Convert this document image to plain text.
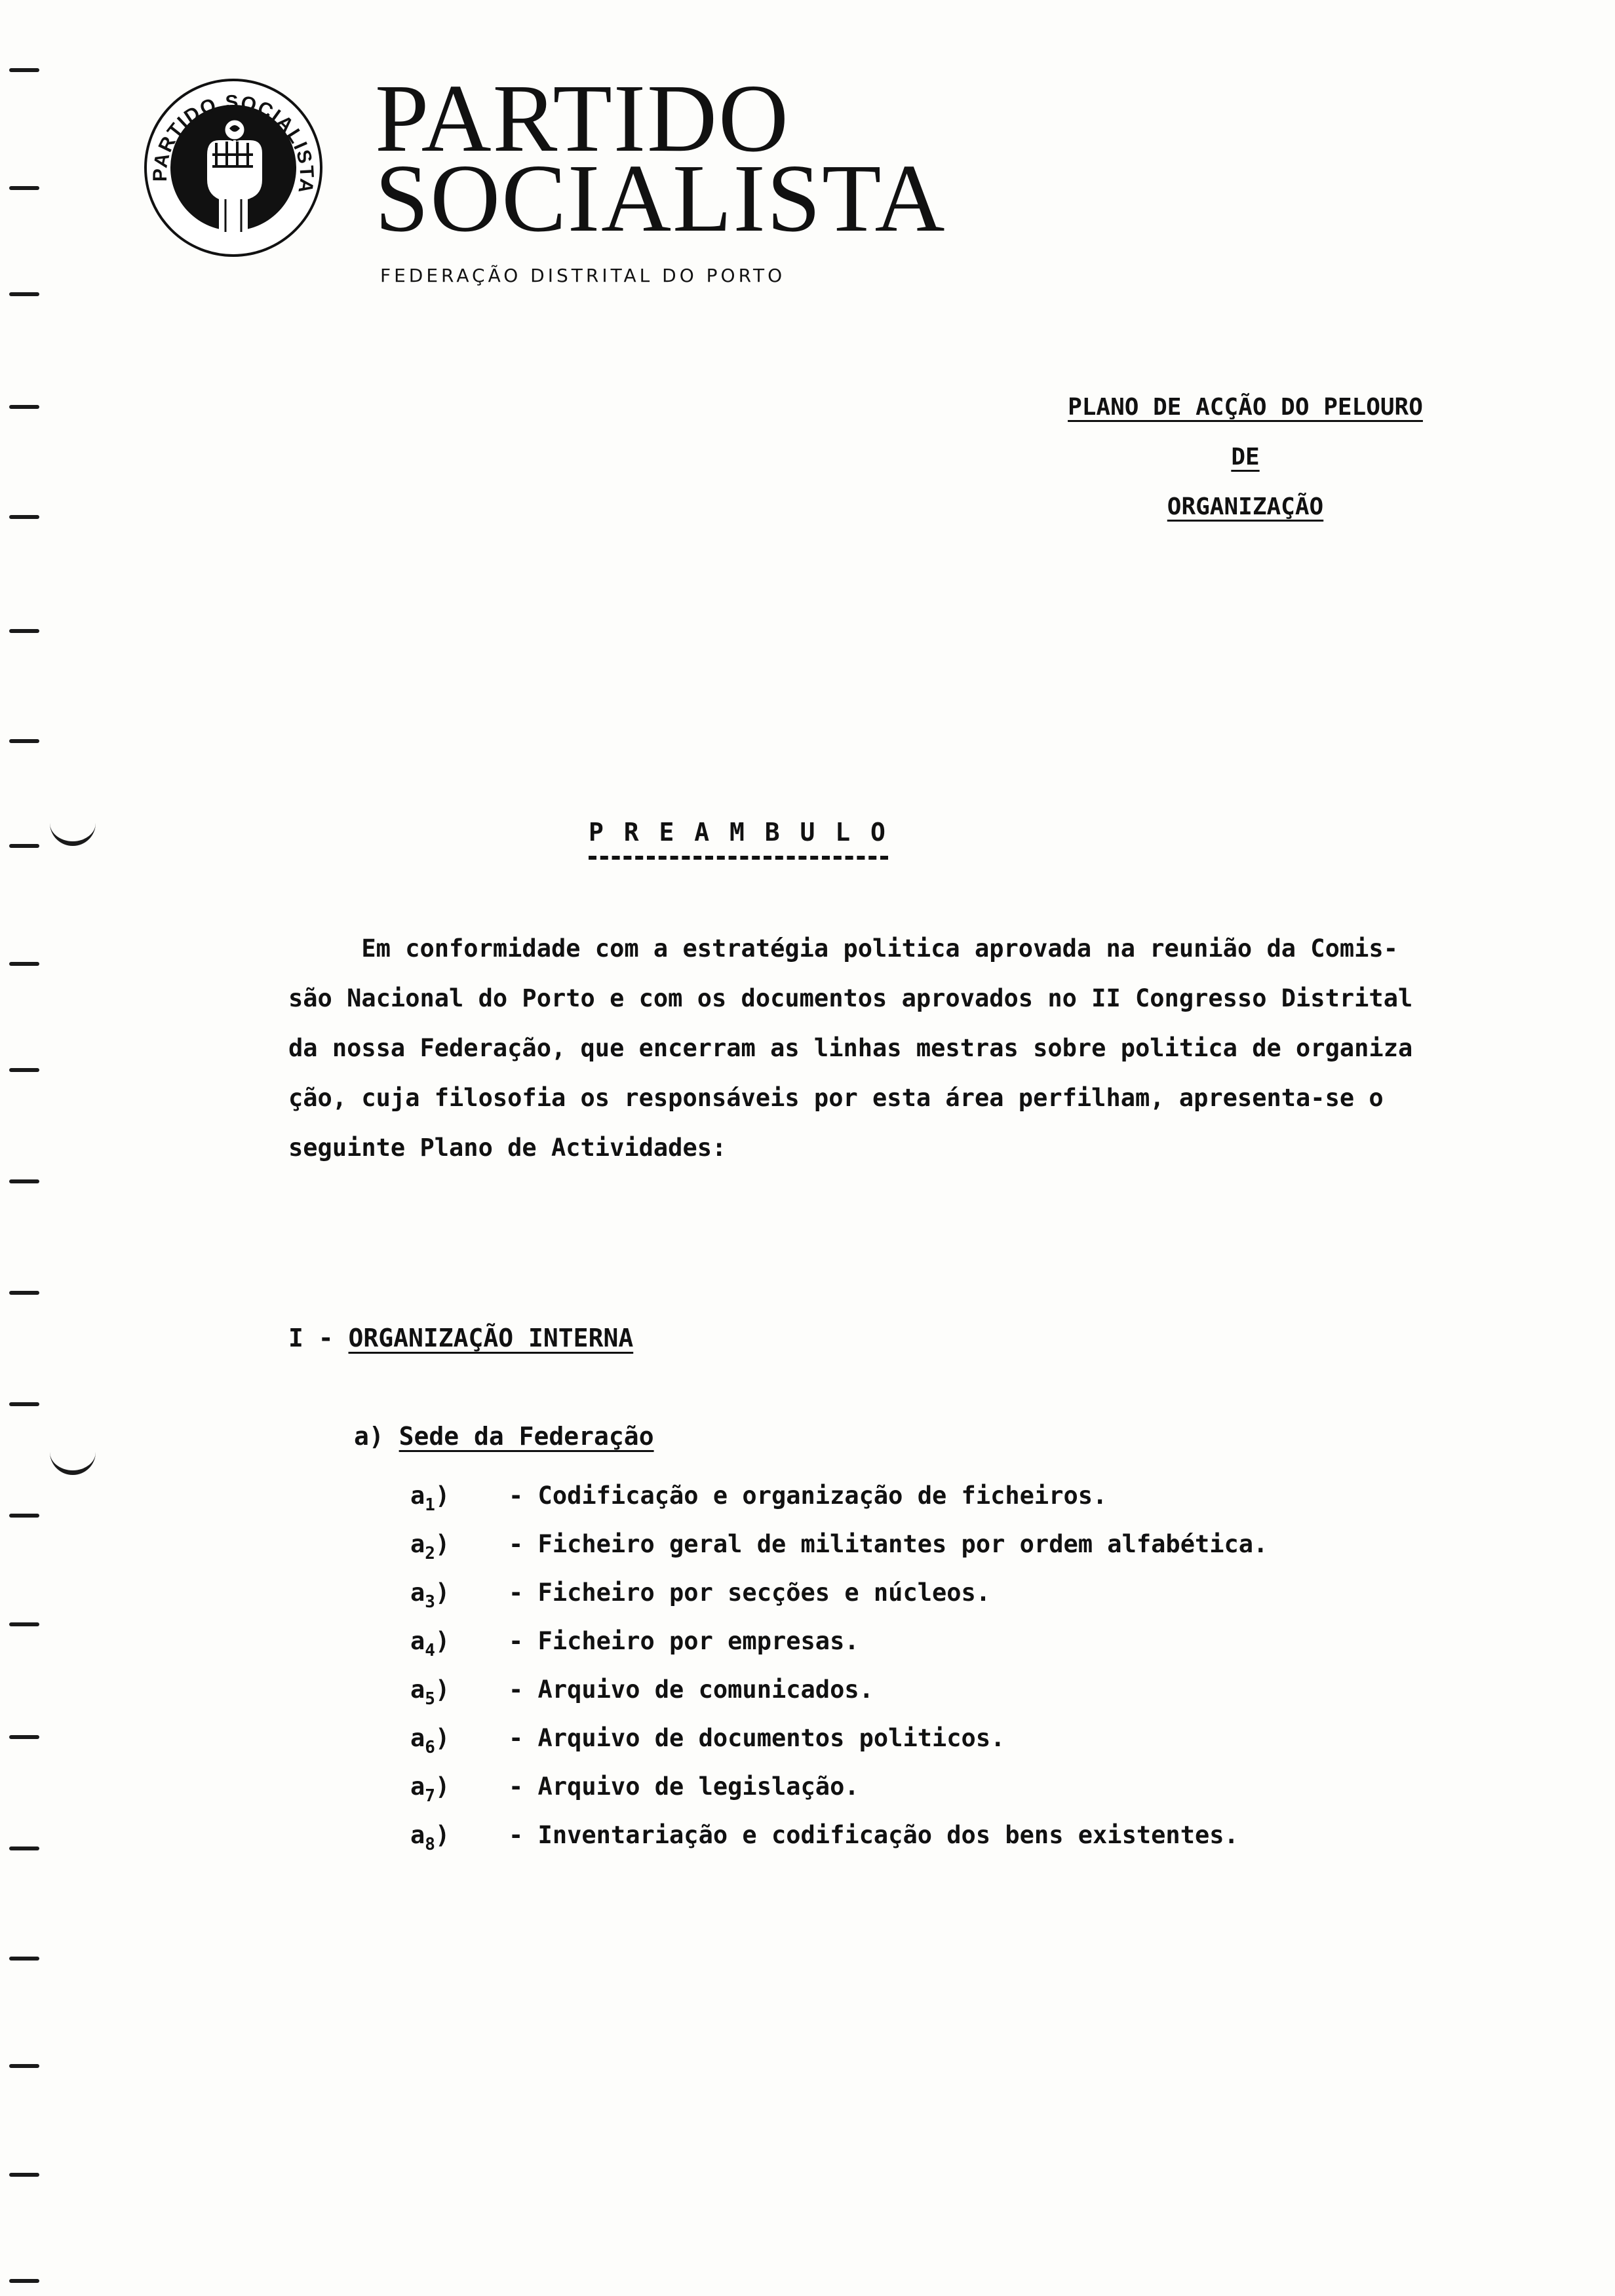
PARTIDO SOCIALISTA
PARTIDO
SOCIALISTA
FEDERAÇÃO DISTRITAL DO PORTO
PLANO DE ACÇÃO DO PELOURO
DE
ORGANIZAÇÃO
P R E A M B U L O

Em conformidade com a estratégia politica aprovada na reunião da Comis-
são Nacional do Porto e com os documentos aprovados no II Congresso Distrital
da nossa Federação, que encerram as linhas mestras sobre politica de organiza
ção, cuja filosofia os responsáveis por esta área perfilham, apresenta-se o
seguinte Plano de Actividades:

I - ORGANIZAÇÃO INTERNA
a) Sede da Federação
$a_1$) - Codificação e organização de ficheiros.
$a_2$) - Ficheiro geral de militantes por ordem alfabética.
$a_3$) - Ficheiro por secções e núcleos.
$a_4$) - Ficheiro por empresas.
$a_5$) - Arquivo de comunicados.
$a_6$) - Arquivo de documentos politicos.
$a_7$) - Arquivo de legislação.
$a_8$) - Inventariação e codificação dos bens existentes.
